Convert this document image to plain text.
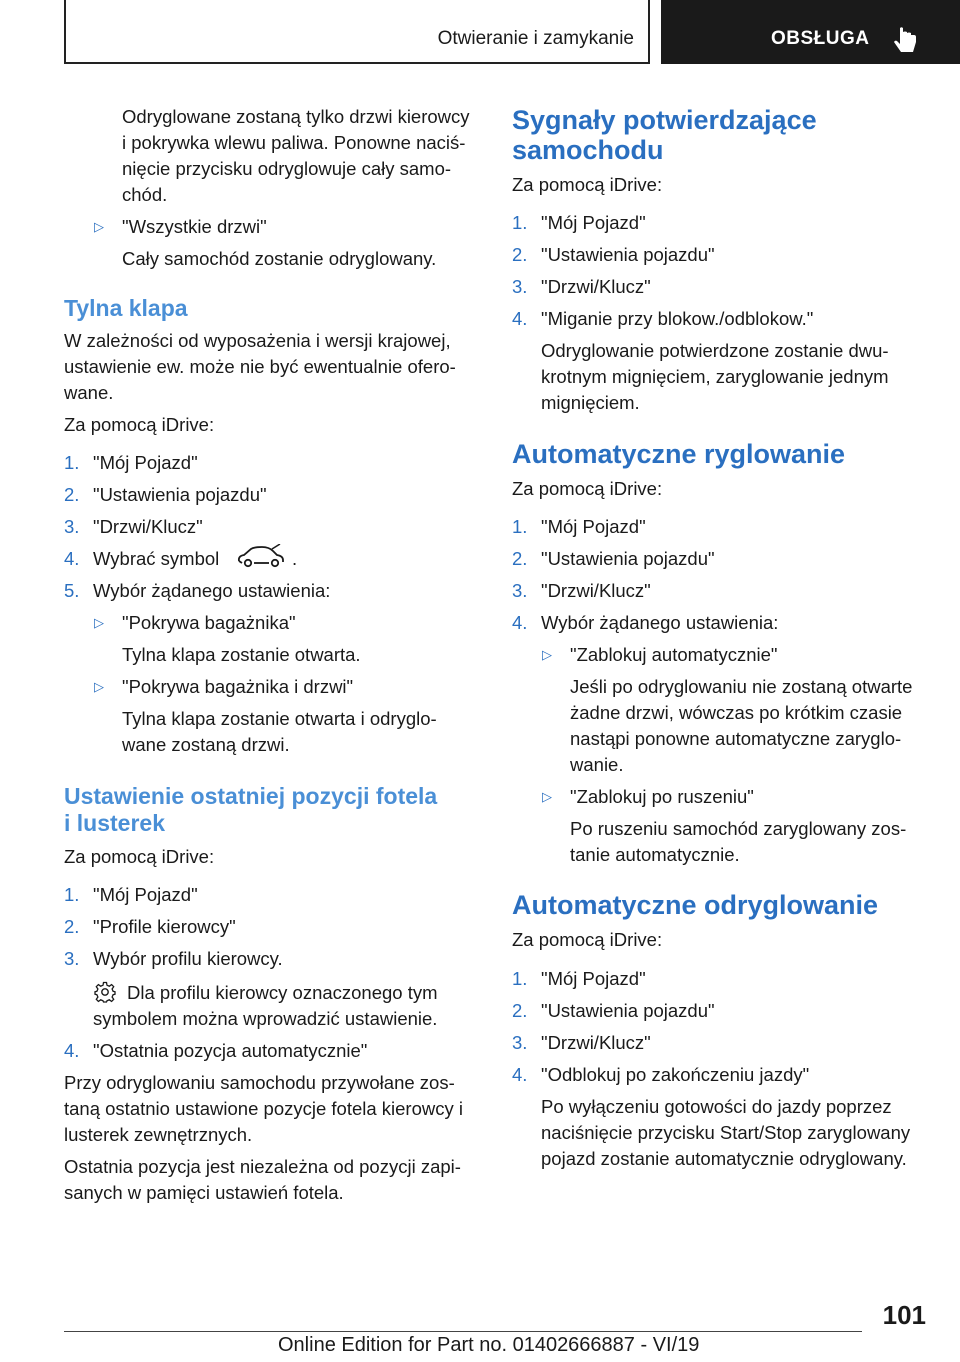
Otwieranie i zamykanie	OBSŁUGA
Odryglowane zostaną tylko drzwi kierowcy
i pokrywka wlewu paliwa. Ponowne naciś‐
nięcie przycisku odryglowuje cały samo‐
chód.
▷ "Wszystkie drzwi"
Cały samochód zostanie odryglowany.
Tylna klapa
W zależności od wyposażenia i wersji krajowej,
ustawienie ew. może nie być ewentualnie ofero‐
wane.
Za pomocą iDrive:
1. "Mój Pojazd"
2. "Ustawienia pojazdu"
3. "Drzwi/Klucz"
4. Wybrać symbol	.
5. Wybór żądanego ustawienia:
▷ "Pokrywa bagażnika"
Tylna klapa zostanie otwarta.
▷ "Pokrywa bagażnika i drzwi"
Tylna klapa zostanie otwarta i odryglo‐
wane zostaną drzwi.
Ustawienie ostatniej pozycji fotela
i lusterek
Za pomocą iDrive:
1. "Mój Pojazd"
2. "Profile kierowcy"
3. Wybór profilu kierowcy.
Dla profilu kierowcy oznaczonego tym
symbolem można wprowadzić ustawienie.
4. "Ostatnia pozycja automatycznie"
Przy odryglowaniu samochodu przywołane zos‐
taną ostatnio ustawione pozycje fotela kierowcy i
lusterek zewnętrznych.
Ostatnia pozycja jest niezależna od pozycji zapi‐
sanych w pamięci ustawień fotela.
Sygnały potwierdzające
samochodu
Za pomocą iDrive:
1. "Mój Pojazd"
2. "Ustawienia pojazdu"
3. "Drzwi/Klucz"
4. "Miganie przy blokow./odblokow."
Odryglowanie potwierdzone zostanie dwu‐
krotnym mignięciem, zaryglowanie jednym
mignięciem.
Automatyczne ryglowanie
Za pomocą iDrive:
1. "Mój Pojazd"
2. "Ustawienia pojazdu"
3. "Drzwi/Klucz"
4. Wybór żądanego ustawienia:
▷ "Zablokuj automatycznie"
Jeśli po odryglowaniu nie zostaną otwarte
żadne drzwi, wówczas po krótkim czasie
nastąpi ponowne automatyczne zaryglo‐
wanie.
▷ "Zablokuj po ruszeniu"
Po ruszeniu samochód zaryglowany zos‐
tanie automatycznie.
Automatyczne odryglowanie
Za pomocą iDrive:
1. "Mój Pojazd"
2. "Ustawienia pojazdu"
3. "Drzwi/Klucz"
4. "Odblokuj po zakończeniu jazdy"
Po wyłączeniu gotowości do jazdy poprzez
naciśnięcie przycisku Start/Stop zaryglowany
pojazd zostanie automatycznie odryglowany.
101
Online Edition for Part no. 01402666887 - VI/19
